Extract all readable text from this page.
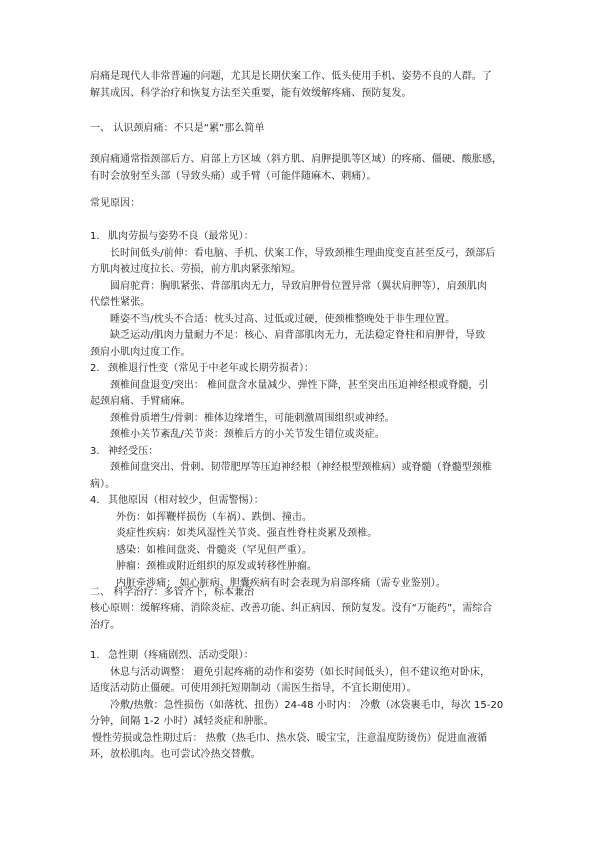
肩痛是现代人非常普遍的问题，尤其是长期伏案工作、低头使用手机、姿势不良的人群。了
解其成因、科学治疗和恢复方法至关重要，能有效缓解疼痛、预防复发。
一、 认识颈肩痛：不只是“累”那么简单
颈肩痛通常指颈部后方、肩部上方区域（斜方肌、肩胛提肌等区域）的疼痛、僵硬、酸胀感，
有时会放射至头部（导致头痛）或手臂（可能伴随麻木、刺痛）。
常见原因：
1. 肌肉劳损与姿势不良（最常见）：
长时间低头/前伸：看电脑、手机、伏案工作，导致颈椎生理曲度变直甚至反弓，颈部后
方肌肉被过度拉长、劳损，前方肌肉紧张缩短。
圆肩驼背：胸肌紧张、背部肌肉无力，导致肩胛骨位置异常（翼状肩胛等），肩颈肌肉
代偿性紧张。
睡姿不当/枕头不合适：枕头过高、过低或过硬，使颈椎整晚处于非生理位置。
缺乏运动/肌肉力量耐力不足：核心、肩背部肌肉无力，无法稳定脊柱和肩胛骨，导致
颈肩小肌肉过度工作。
2. 颈椎退行性变（常见于中老年或长期劳损者）：
颈椎间盘退变/突出： 椎间盘含水量减少、弹性下降，甚至突出压迫神经根或脊髓，引
起颈肩痛、手臂痛麻。
颈椎骨质增生/骨刺：椎体边缘增生，可能刺激周围组织或神经。
颈椎小关节紊乱/关节炎：颈椎后方的小关节发生错位或炎症。
3. 神经受压：
颈椎间盘突出、骨刺、韧带肥厚等压迫神经根（神经根型颈椎病）或脊髓（脊髓型颈椎
病）。
4. 其他原因（相对较少，但需警惕）：
外伤：如挥鞭样损伤（车祸）、跌倒、撞击。
炎症性疾病：如类风湿性关节炎、强直性脊柱炎累及颈椎。
感染：如椎间盘炎、骨髓炎（罕见但严重）。
肿瘤：颈椎或附近组织的原发或转移性肿瘤。
内脏牵涉痛： 如心脏病、胆囊疾病有时会表现为肩部疼痛（需专业鉴别）。
二、 科学治疗：多管齐下，标本兼治
核心原则：缓解疼痛、消除炎症、改善功能、纠正病因、预防复发。没有“万能药”，需综合
治疗。
1. 急性期（疼痛剧烈、活动受限）：
休息与活动调整： 避免引起疼痛的动作和姿势（如长时间低头），但不建议绝对卧床，
适度活动防止僵硬。可使用颈托短期制动（需医生指导，不宜长期使用）。
冷敷/热敷：急性损伤（如落枕、扭伤）24-48 小时内： 冷敷（冰袋裹毛巾，每次 15-20
分钟，间隔 1-2 小时）减轻炎症和肿胀。
慢性劳损或急性期过后： 热敷（热毛巾、热水袋、暖宝宝，注意温度防烫伤）促进血液循
环，放松肌肉。也可尝试冷热交替敷。
